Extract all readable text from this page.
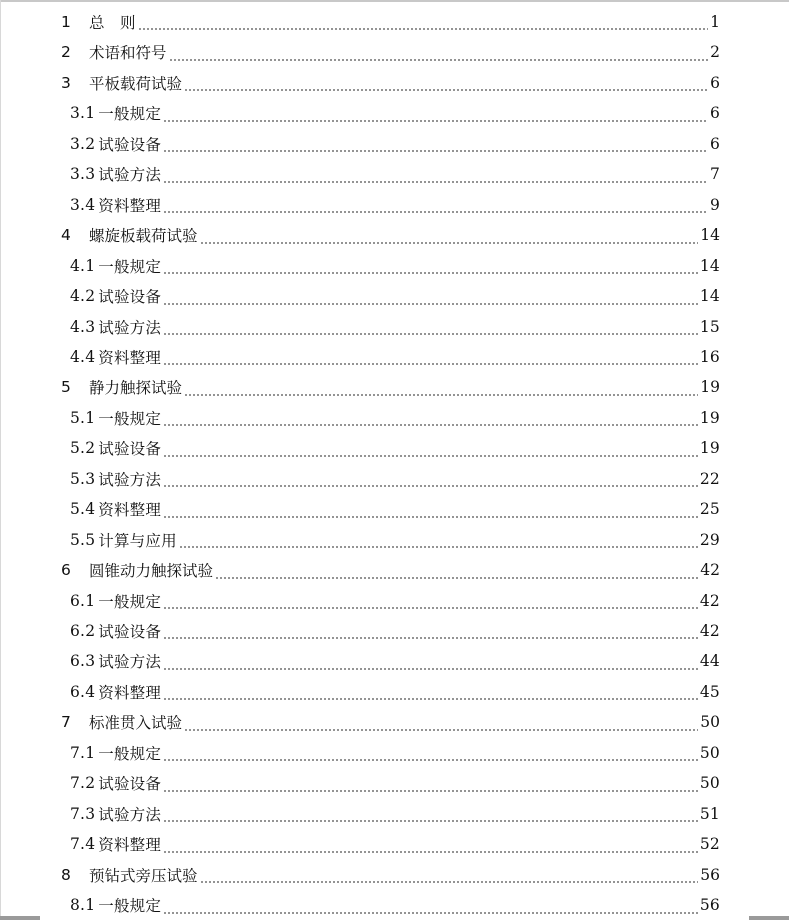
1	总　则	1
2	术语和符号	2
3	平板载荷试验	6
3.1 一般规定	6
3.2 试验设备	6
3.3 试验方法	7
3.4 资料整理	9
4	螺旋板载荷试验	14
4.1 一般规定	14
4.2 试验设备	14
4.3 试验方法	15
4.4 资料整理	16
5	静力触探试验	19
5.1 一般规定	19
5.2 试验设备	19
5.3 试验方法	22
5.4 资料整理	25
5.5 计算与应用	29
6	圆锥动力触探试验	42
6.1 一般规定	42
6.2 试验设备	42
6.3 试验方法	44
6.4 资料整理	45
7	标准贯入试验	50
7.1 一般规定	50
7.2 试验设备	50
7.3 试验方法	51
7.4 资料整理	52
8	预钻式旁压试验	56
8.1 一般规定	56
